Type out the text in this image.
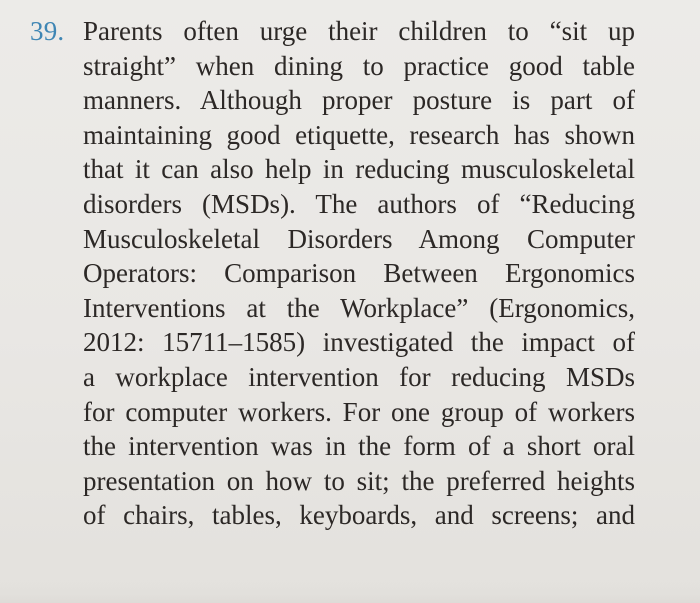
39. Parents often urge their children to “sit up
straight” when dining to practice good table
manners. Although proper posture is part of
maintaining good etiquette, research has shown
that it can also help in reducing musculoskeletal
disorders (MSDs). The authors of “Reducing
Musculoskeletal Disorders Among Computer
Operators: Comparison Between Ergonomics
Interventions at the Workplace” (Ergonomics,
2012: 15711–1585) investigated the impact of
a workplace intervention for reducing MSDs
for computer workers. For one group of workers
the intervention was in the form of a short oral
presentation on how to sit; the preferred heights
of chairs, tables, keyboards, and screens; and
